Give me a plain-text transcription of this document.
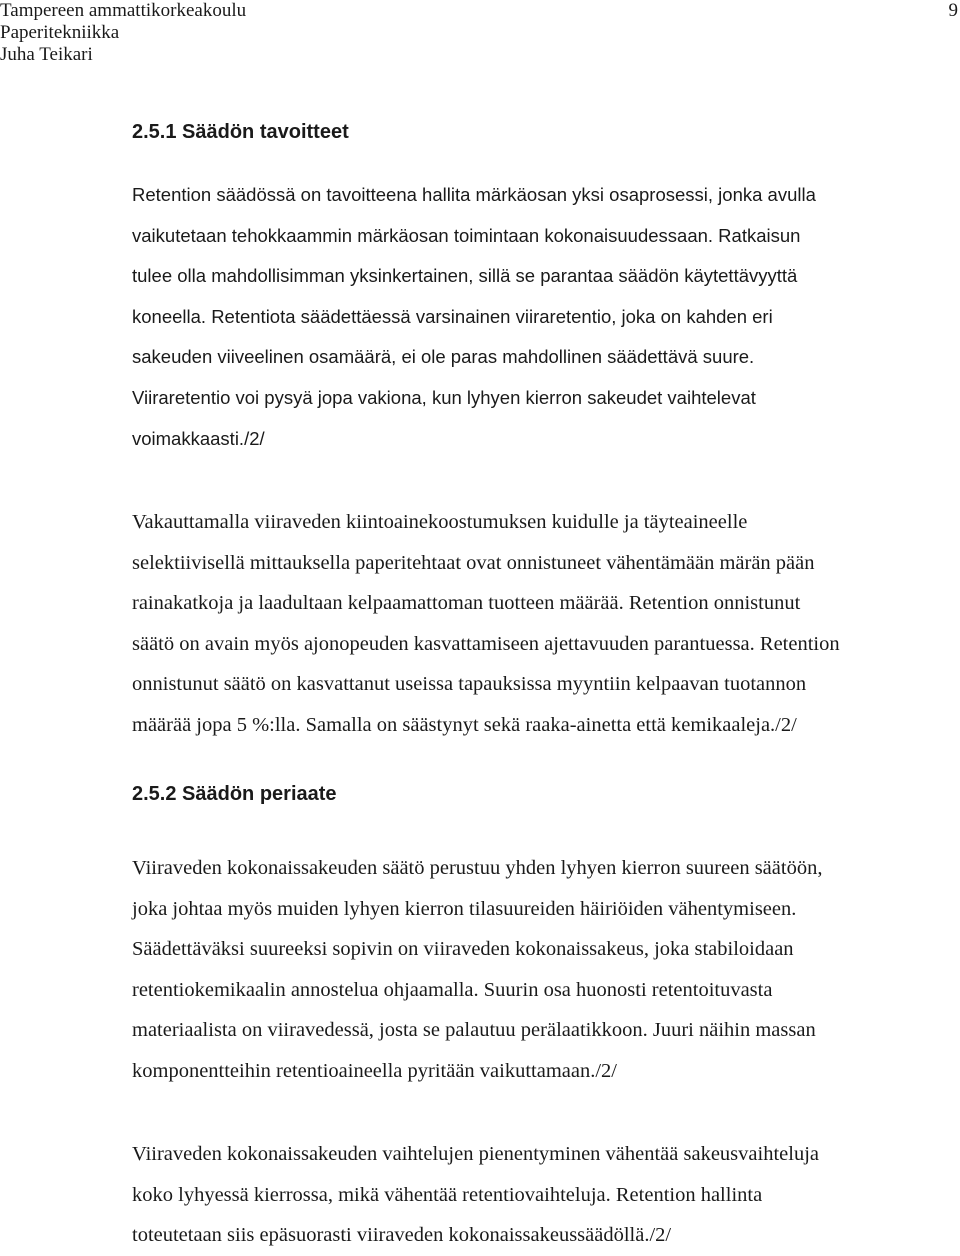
Tampereen ammattikorkeakoulu
Paperitekniikka
Juha Teikari
9
2.5.1 Säädön tavoitteet
Retention säädössä on tavoitteena hallita märkäosan yksi osaprosessi, jonka avulla
vaikutetaan tehokkaammin märkäosan toimintaan kokonaisuudessaan. Ratkaisun
tulee olla mahdollisimman yksinkertainen, sillä se parantaa säädön käytettävyyttä
koneella. Retentiota säädettäessä varsinainen viiraretentio, joka on kahden eri
sakeuden viiveelinen osamäärä, ei ole paras mahdollinen säädettävä suure.
Viiraretentio voi pysyä jopa vakiona, kun lyhyen kierron sakeudet vaihtelevat
voimakkaasti./2/
Vakauttamalla viiraveden kiintoainekoostumuksen kuidulle ja täyteaineelle
selektiivisellä mittauksella paperitehtaat ovat onnistuneet vähentämään märän pään
rainakatkoja ja laadultaan kelpaamattoman tuotteen määrää. Retention onnistunut
säätö on avain myös ajonopeuden kasvattamiseen ajettavuuden parantuessa. Retention
onnistunut säätö on kasvattanut useissa tapauksissa myyntiin kelpaavan tuotannon
määrää jopa 5 %:lla. Samalla on säästynyt sekä raaka-ainetta että kemikaaleja./2/
2.5.2 Säädön periaate
Viiraveden kokonaissakeuden säätö perustuu yhden lyhyen kierron suureen säätöön,
joka johtaa myös muiden lyhyen kierron tilasuureiden häiriöiden vähentymiseen.
Säädettäväksi suureeksi sopivin on viiraveden kokonaissakeus, joka stabiloidaan
retentiokemikaalin annostelua ohjaamalla. Suurin osa huonosti retentoituvasta
materiaalista on viiravedessä, josta se palautuu perälaatikkoon. Juuri näihin massan
komponentteihin retentioaineella pyritään vaikuttamaan./2/
Viiraveden kokonaissakeuden vaihtelujen pienentyminen vähentää sakeusvaihteluja
koko lyhyessä kierrossa, mikä vähentää retentiovaihteluja. Retention hallinta
toteutetaan siis epäsuorasti viiraveden kokonaissakeussäädöllä./2/
